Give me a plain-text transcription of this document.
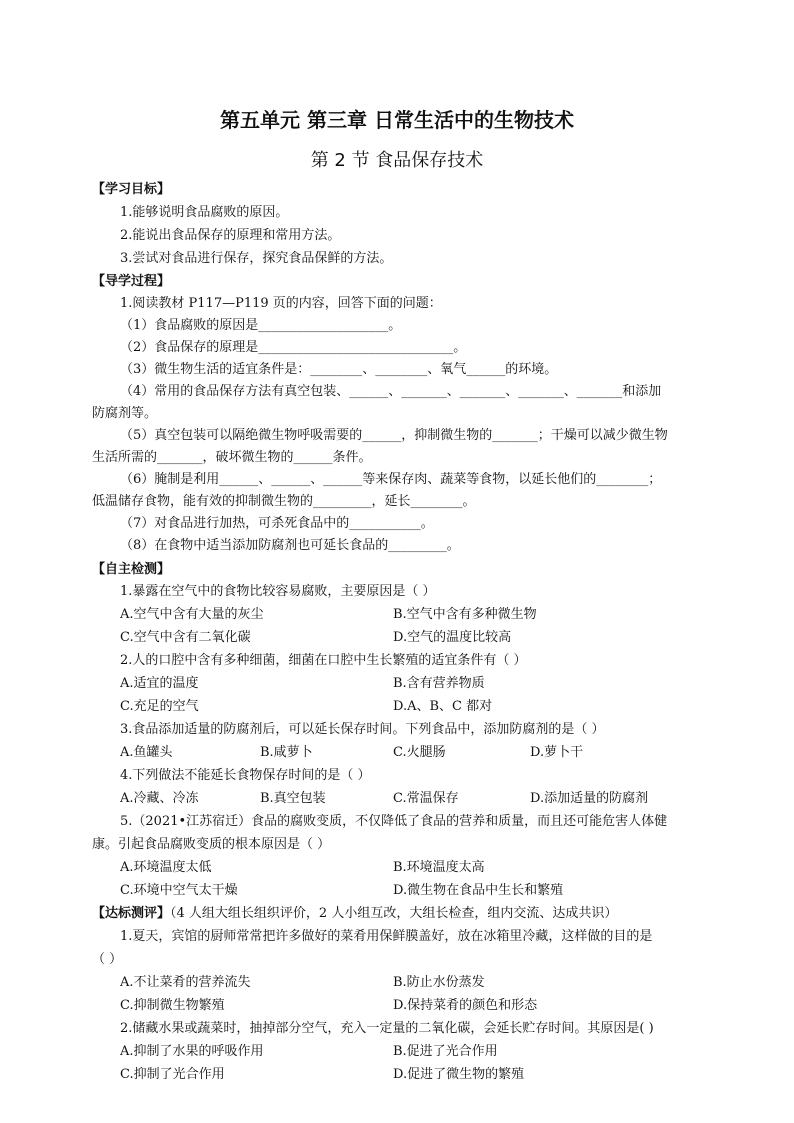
第五单元 第三章 日常生活中的生物技术
第 2 节 食品保存技术
【学习目标】
1.能够说明食品腐败的原因。
2.能说出食品保存的原理和常用方法。
3.尝试对食品进行保存，探究食品保鲜的方法。
【导学过程】
1.阅读教材 P117—P119 页的内容，回答下面的问题：
（1）食品腐败的原因是____________________。
（2）食品保存的原理是______________________________。
（3）微生物生活的适宜条件是：________、________、氧气______的环境。
（4）常用的食品保存方法有真空包装、______、_______、_______、_______、_______和添加
防腐剂等。
（5）真空包装可以隔绝微生物呼吸需要的______，抑制微生物的_______；干燥可以减少微生物
生活所需的_______，破坏微生物的______条件。
（6）腌制是利用______、______、______等来保存肉、蔬菜等食物，以延长他们的________；
低温储存食物，能有效的抑制微生物的_________，延长________。
（7）对食品进行加热，可杀死食品中的___________。
（8）在食物中适当添加防腐剂也可延长食品的_________。
【自主检测】
1.暴露在空气中的食物比较容易腐败，主要原因是（ ）
A.空气中含有大量的灰尘	B.空气中含有多种微生物
C.空气中含有二氧化碳	D.空气的温度比较高
2.人的口腔中含有多种细菌，细菌在口腔中生长繁殖的适宜条件有（ ）
A.适宜的温度	B.含有营养物质
C.充足的空气	D.A、B、C 都对
3.食品添加适量的防腐剂后，可以延长保存时间。下列食品中，添加防腐剂的是（ ）
A.鱼罐头	B.咸萝卜	C.火腿肠	D.萝卜干
4.下列做法不能延长食物保存时间的是（ ）
A.冷藏、冷冻	B.真空包装	C.常温保存	D.添加适量的防腐剂
5.（2021•江苏宿迁）食品的腐败变质，不仅降低了食品的营养和质量，而且还可能危害人体健
康。引起食品腐败变质的根本原因是（ ）
A.环境温度太低	B.环境温度太高
C.环境中空气太干燥	D.微生物在食品中生长和繁殖
【达标测评】（4 人组大组长组织评价，2 人小组互改，大组长检查，组内交流、达成共识）
1.夏天，宾馆的厨师常常把许多做好的菜肴用保鲜膜盖好，放在冰箱里冷藏，这样做的目的是
（ ）
A.不让菜肴的营养流失	B.防止水份蒸发
C.抑制微生物繁殖	D.保持菜肴的颜色和形态
2.储藏水果或蔬菜时，抽掉部分空气，充入一定量的二氧化碳，会延长贮存时间。其原因是( )
A.抑制了水果的呼吸作用	B.促进了光合作用
C.抑制了光合作用	D.促进了微生物的繁殖
